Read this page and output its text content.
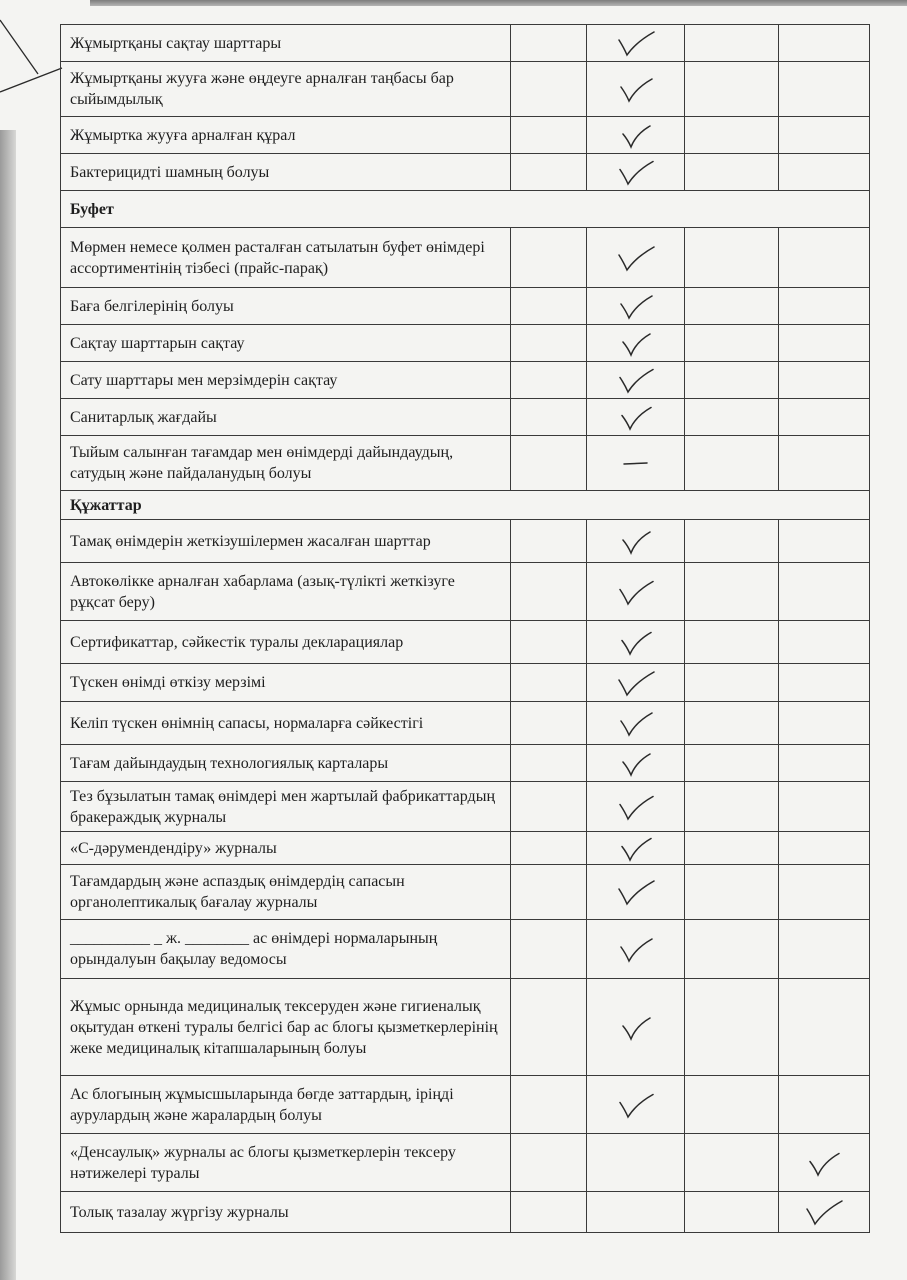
Жұмыртқаны сақтау шарттары		

Жұмыртқаны жууға және өңдеуге арналған таңбасы бар сыйымдылық		

Жұмыртка жууға арналған құрал		

Бактерицидті шамның болуы		

Буфет				
Мөрмен немесе қолмен расталған сатылатын буфет өнімдері ассортиментінің тізбесі (прайс-парақ)		

Баға белгілерінің болуы		

Сақтау шарттарын сақтау		

Сату шарттары мен мерзімдерін сақтау		

Санитарлық жағдайы		

Тыйым салынған тағамдар мен өнімдерді дайындаудың, сатудың және пайдаланудың болуы		

Құжаттар				
Тамақ өнімдерін жеткізушілермен жасалған шарттар		

Автокөлікке арналған хабарлама (азық-түлікті жеткізуге рұқсат беру)		

Сертификаттар, сәйкестік туралы декларациялар		

Түскен өнімді өткізу мерзімі		

Келіп түскен өнімнің сапасы, нормаларға сәйкестігі		

Тағам дайындаудың технологиялық карталары		

Тез бұзылатын тамақ өнімдері мен жартылай фабрикаттардың бракераждық журналы		

«С-дәрумендендіру» журналы		

Тағамдардың және аспаздық өнімдердің сапасын органолептикалық бағалау журналы		

__________ _ ж. ________ ас өнімдері нормаларының орындалуын бақылау ведомосы		

Жұмыс орнында медициналық тексеруден және гигиеналық оқытудан өткені туралы белгісі бар ас блогы қызметкерлерінің жеке медициналық кітапшаларының болуы		

Ас блогының жұмысшыларында бөгде заттардың, іріңді аурулардың және жаралардың болуы		

«Денсаулық» журналы ас блогы қызметкерлерін тексеру нәтижелері туралы				

Толық тазалау жүргізу журналы				
